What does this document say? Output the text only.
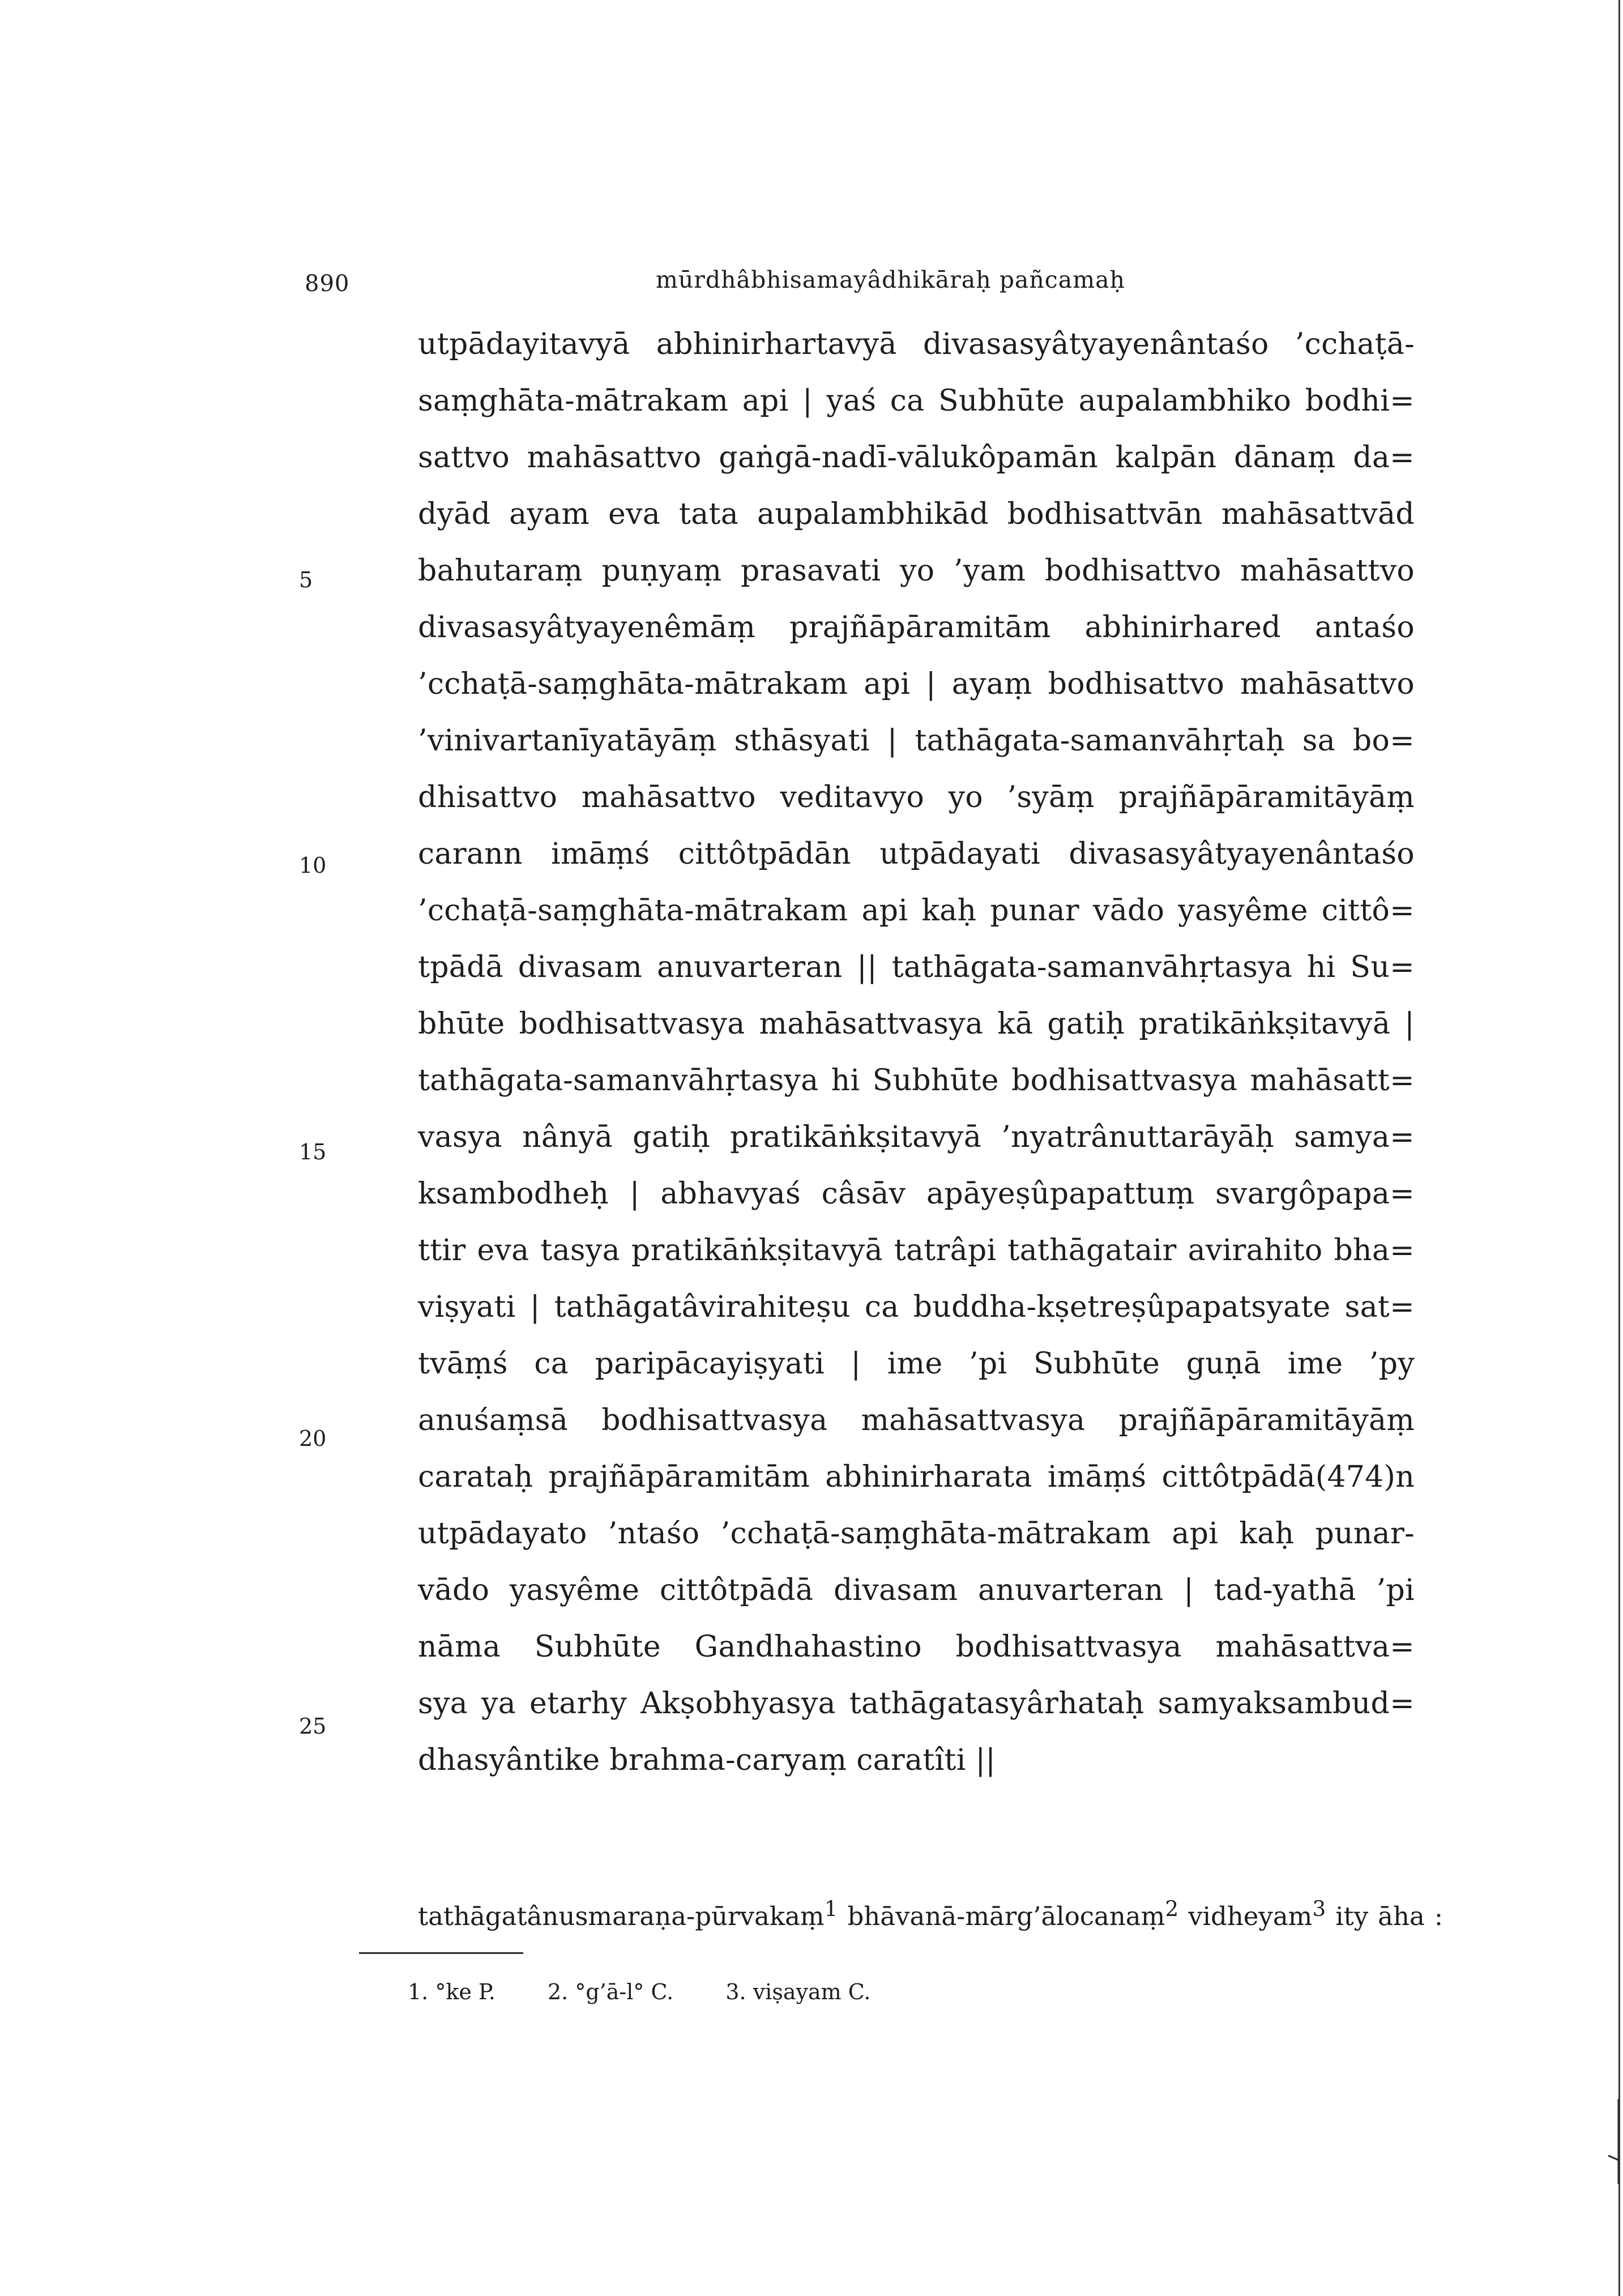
890	mūrdhâbhisamayâdhikāraḥ pañcamaḥ
utpādayitavyā abhinirhartavyā divasasyâtyayenântaśo ’cchaṭā-
saṃghāta-mātrakam api | yaś ca Subhūte aupalambhiko bodhi=
sattvo mahāsattvo gaṅgā-nadī-vālukôpamān kalpān dānaṃ da=
dyād ayam eva tata aupalambhikād bodhisattvān mahāsattvād
bahutaraṃ puṇyaṃ prasavati yo ’yam bodhisattvo mahāsattvo
divasasyâtyayenêmāṃ prajñāpāramitām abhinirhared antaśo
’cchaṭā-saṃghāta-mātrakam api | ayaṃ bodhisattvo mahāsattvo
’vinivartanīyatāyāṃ sthāsyati | tathāgata-samanvāhṛtaḥ sa bo=
dhisattvo mahāsattvo veditavyo yo ’syāṃ prajñāpāramitāyāṃ
carann imāṃś cittôtpādān utpādayati divasasyâtyayenântaśo
’cchaṭā-saṃghāta-mātrakam api kaḥ punar vādo yasyême cittô=
tpādā divasam anuvarteran || tathāgata-samanvāhṛtasya hi Su=
bhūte bodhisattvasya mahāsattvasya kā gatiḥ pratikāṅkṣitavyā |
tathāgata-samanvāhṛtasya hi Subhūte bodhisattvasya mahāsatt=
vasya nânyā gatiḥ pratikāṅkṣitavyā ’nyatrânuttarāyāḥ samya=
ksambodheḥ | abhavyaś câsāv apāyeṣûpapattuṃ svargôpapa=
ttir eva tasya pratikāṅkṣitavyā tatrâpi tathāgatair avirahito bha=
viṣyati | tathāgatâvirahiteṣu ca buddha-kṣetreṣûpapatsyate sat=
tvāṃś ca paripācayiṣyati | ime ’pi Subhūte guṇā ime ’py
anuśaṃsā bodhisattvasya mahāsattvasya prajñāpāramitāyāṃ
carataḥ prajñāpāramitām abhinirharata imāṃś cittôtpādā(474)n
utpādayato ’ntaśo ’cchaṭā-saṃghāta-mātrakam api kaḥ punar-
vādo yasyême cittôtpādā divasam anuvarteran | tad-yathā ’pi
nāma Subhūte Gandhahastino bodhisattvasya mahāsattva=
sya ya etarhy Akṣobhyasya tathāgatasyârhataḥ samyaksambud=
dhasyântike brahma-caryaṃ caratîti ||
5
10
15
20
25
tathāgatânusmaraṇa-pūrvakaṃ$^1$ bhāvanā-mārg’ālocanaṃ$^2$ vidheyam$^3$ ity āha :
1. °ke P. 2. °g’ā-l° C. 3. viṣayam C.
